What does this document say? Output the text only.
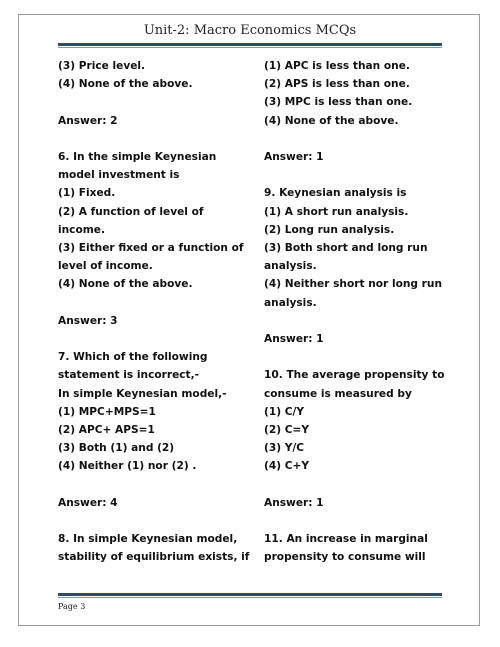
Unit-2: Macro Economics MCQs
(3) Price level.
(4) None of the above.
Answer: 2
6. In the simple Keynesian
model investment is
(1) Fixed.
(2) A function of level of
income.
(3) Either fixed or a function of
level of income.
(4) None of the above.
Answer: 3
7. Which of the following
statement is incorrect,-
In simple Keynesian model,-
(1) MPC+MPS=1
(2) APC+ APS=1
(3) Both (1) and (2)
(4) Neither (1) nor (2) .
Answer: 4
8. In simple Keynesian model,
stability of equilibrium exists, if
(1) APC is less than one.
(2) APS is less than one.
(3) MPC is less than one.
(4) None of the above.
Answer: 1
9. Keynesian analysis is
(1) A short run analysis.
(2) Long run analysis.
(3) Both short and long run
analysis.
(4) Neither short nor long run
analysis.
Answer: 1
10. The average propensity to
consume is measured by
(1) C/Y
(2) C=Y
(3) Y/C
(4) C+Y
Answer: 1
11. An increase in marginal
propensity to consume will
Page 3
